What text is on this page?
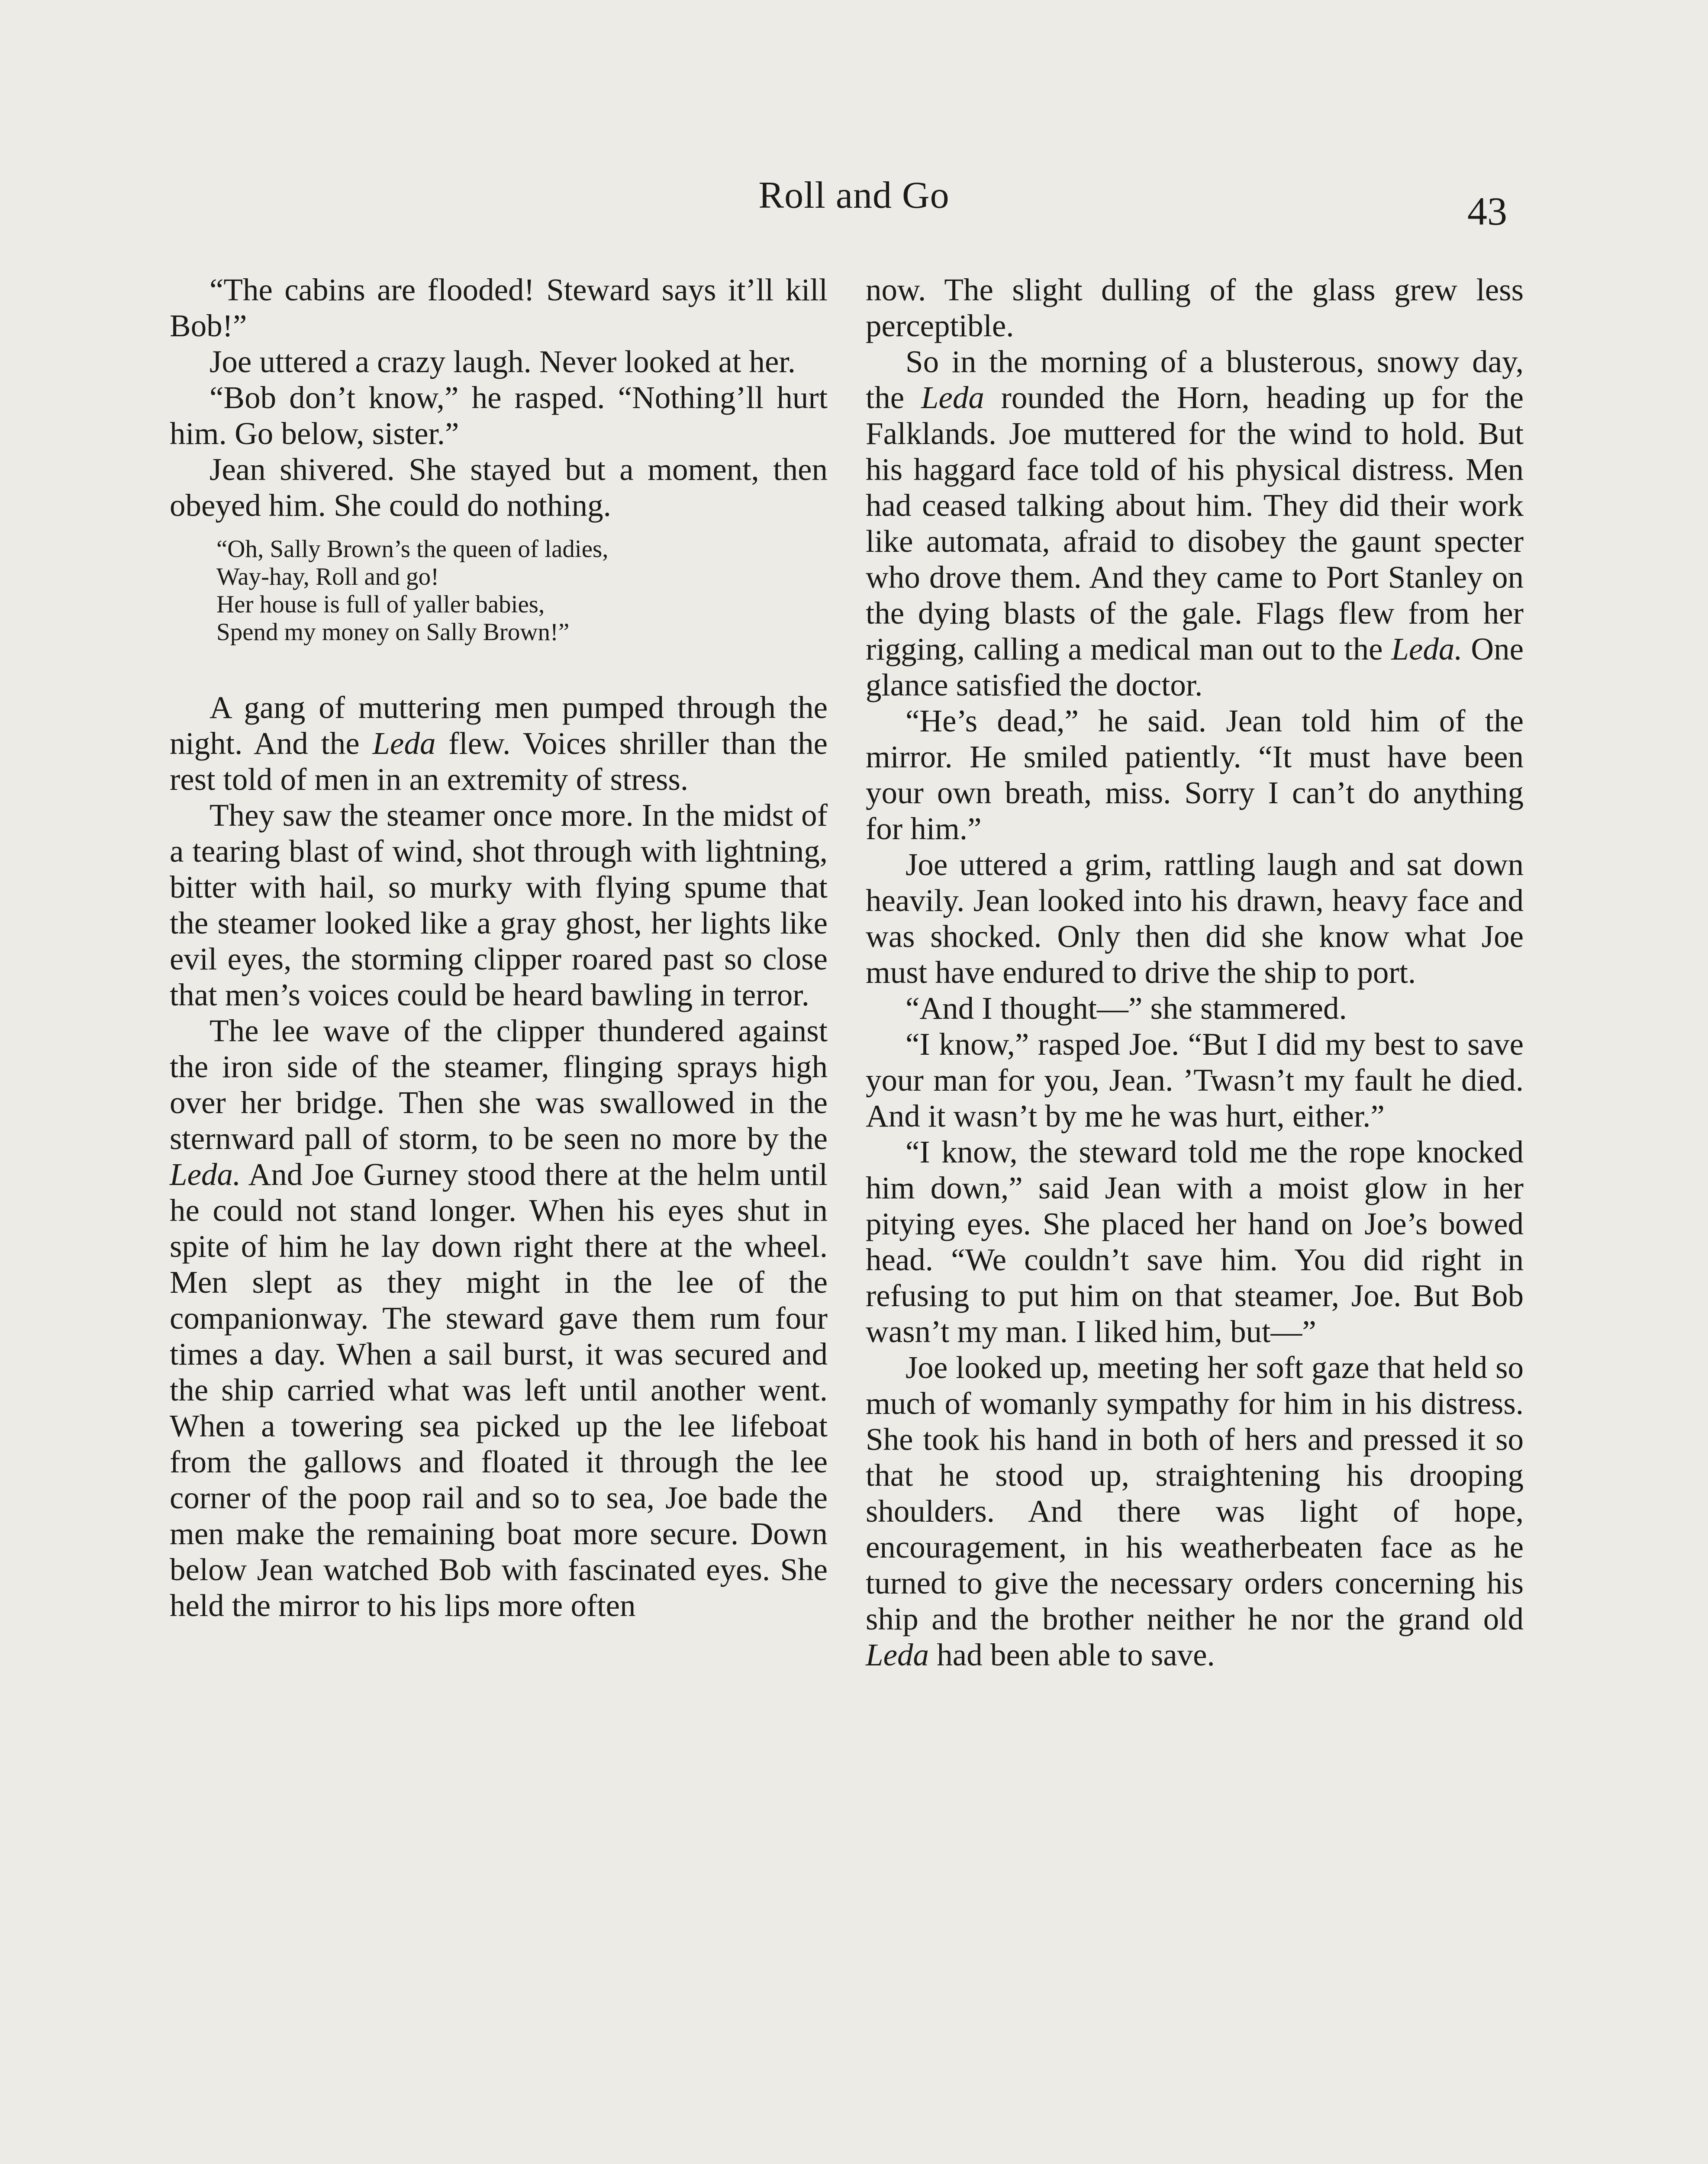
Roll and Go	43

“The cabins are flooded! Steward says it’ll kill Bob!”

Joe uttered a crazy laugh. Never looked at her.

“Bob don’t know,” he rasped. “Nothing’ll hurt him. Go below, sister.”

Jean shivered. She stayed but a moment, then obeyed him. She could do nothing.

“Oh, Sally Brown’s the queen of ladies,
Way-hay, Roll and go!
Her house is full of yaller babies,
Spend my money on Sally Brown!”

A gang of muttering men pumped through the night. And the Leda flew. Voices shriller than the rest told of men in an extremity of stress.

They saw the steamer once more. In the midst of a tearing blast of wind, shot through with lightning, bitter with hail, so murky with flying spume that the steamer looked like a gray ghost, her lights like evil eyes, the storming clipper roared past so close that men’s voices could be heard bawling in terror.

The lee wave of the clipper thundered against the iron side of the steamer, flinging sprays high over her bridge. Then she was swallowed in the sternward pall of storm, to be seen no more by the Leda. And Joe Gurney stood there at the helm until he could not stand longer. When his eyes shut in spite of him he lay down right there at the wheel. Men slept as they might in the lee of the companionway. The steward gave them rum four times a day. When a sail burst, it was secured and the ship carried what was left until another went. When a towering sea picked up the lee lifeboat from the gallows and floated it through the lee corner of the poop rail and so to sea, Joe bade the men make the remaining boat more secure. Down below Jean watched Bob with fascinated eyes. She held the mirror to his lips more often

now. The slight dulling of the glass grew less perceptible.

So in the morning of a blusterous, snowy day, the Leda rounded the Horn, heading up for the Falklands. Joe muttered for the wind to hold. But his haggard face told of his physical distress. Men had ceased talking about him. They did their work like automata, afraid to disobey the gaunt specter who drove them. And they came to Port Stanley on the dying blasts of the gale. Flags flew from her rigging, calling a medical man out to the Leda. One glance satisfied the doctor.

“He’s dead,” he said. Jean told him of the mirror. He smiled patiently. “It must have been your own breath, miss. Sorry I can’t do anything for him.”

Joe uttered a grim, rattling laugh and sat down heavily. Jean looked into his drawn, heavy face and was shocked. Only then did she know what Joe must have endured to drive the ship to port.

“And I thought—” she stammered.

“I know,” rasped Joe. “But I did my best to save your man for you, Jean. ’Twasn’t my fault he died. And it wasn’t by me he was hurt, either.”

“I know, the steward told me the rope knocked him down,” said Jean with a moist glow in her pitying eyes. She placed her hand on Joe’s bowed head. “We couldn’t save him. You did right in refusing to put him on that steamer, Joe. But Bob wasn’t my man. I liked him, but—”

Joe looked up, meeting her soft gaze that held so much of womanly sympathy for him in his distress. She took his hand in both of hers and pressed it so that he stood up, straightening his drooping shoulders. And there was light of hope, encouragement, in his weatherbeaten face as he turned to give the necessary orders concerning his ship and the brother neither he nor the grand old Leda had been able to save.
